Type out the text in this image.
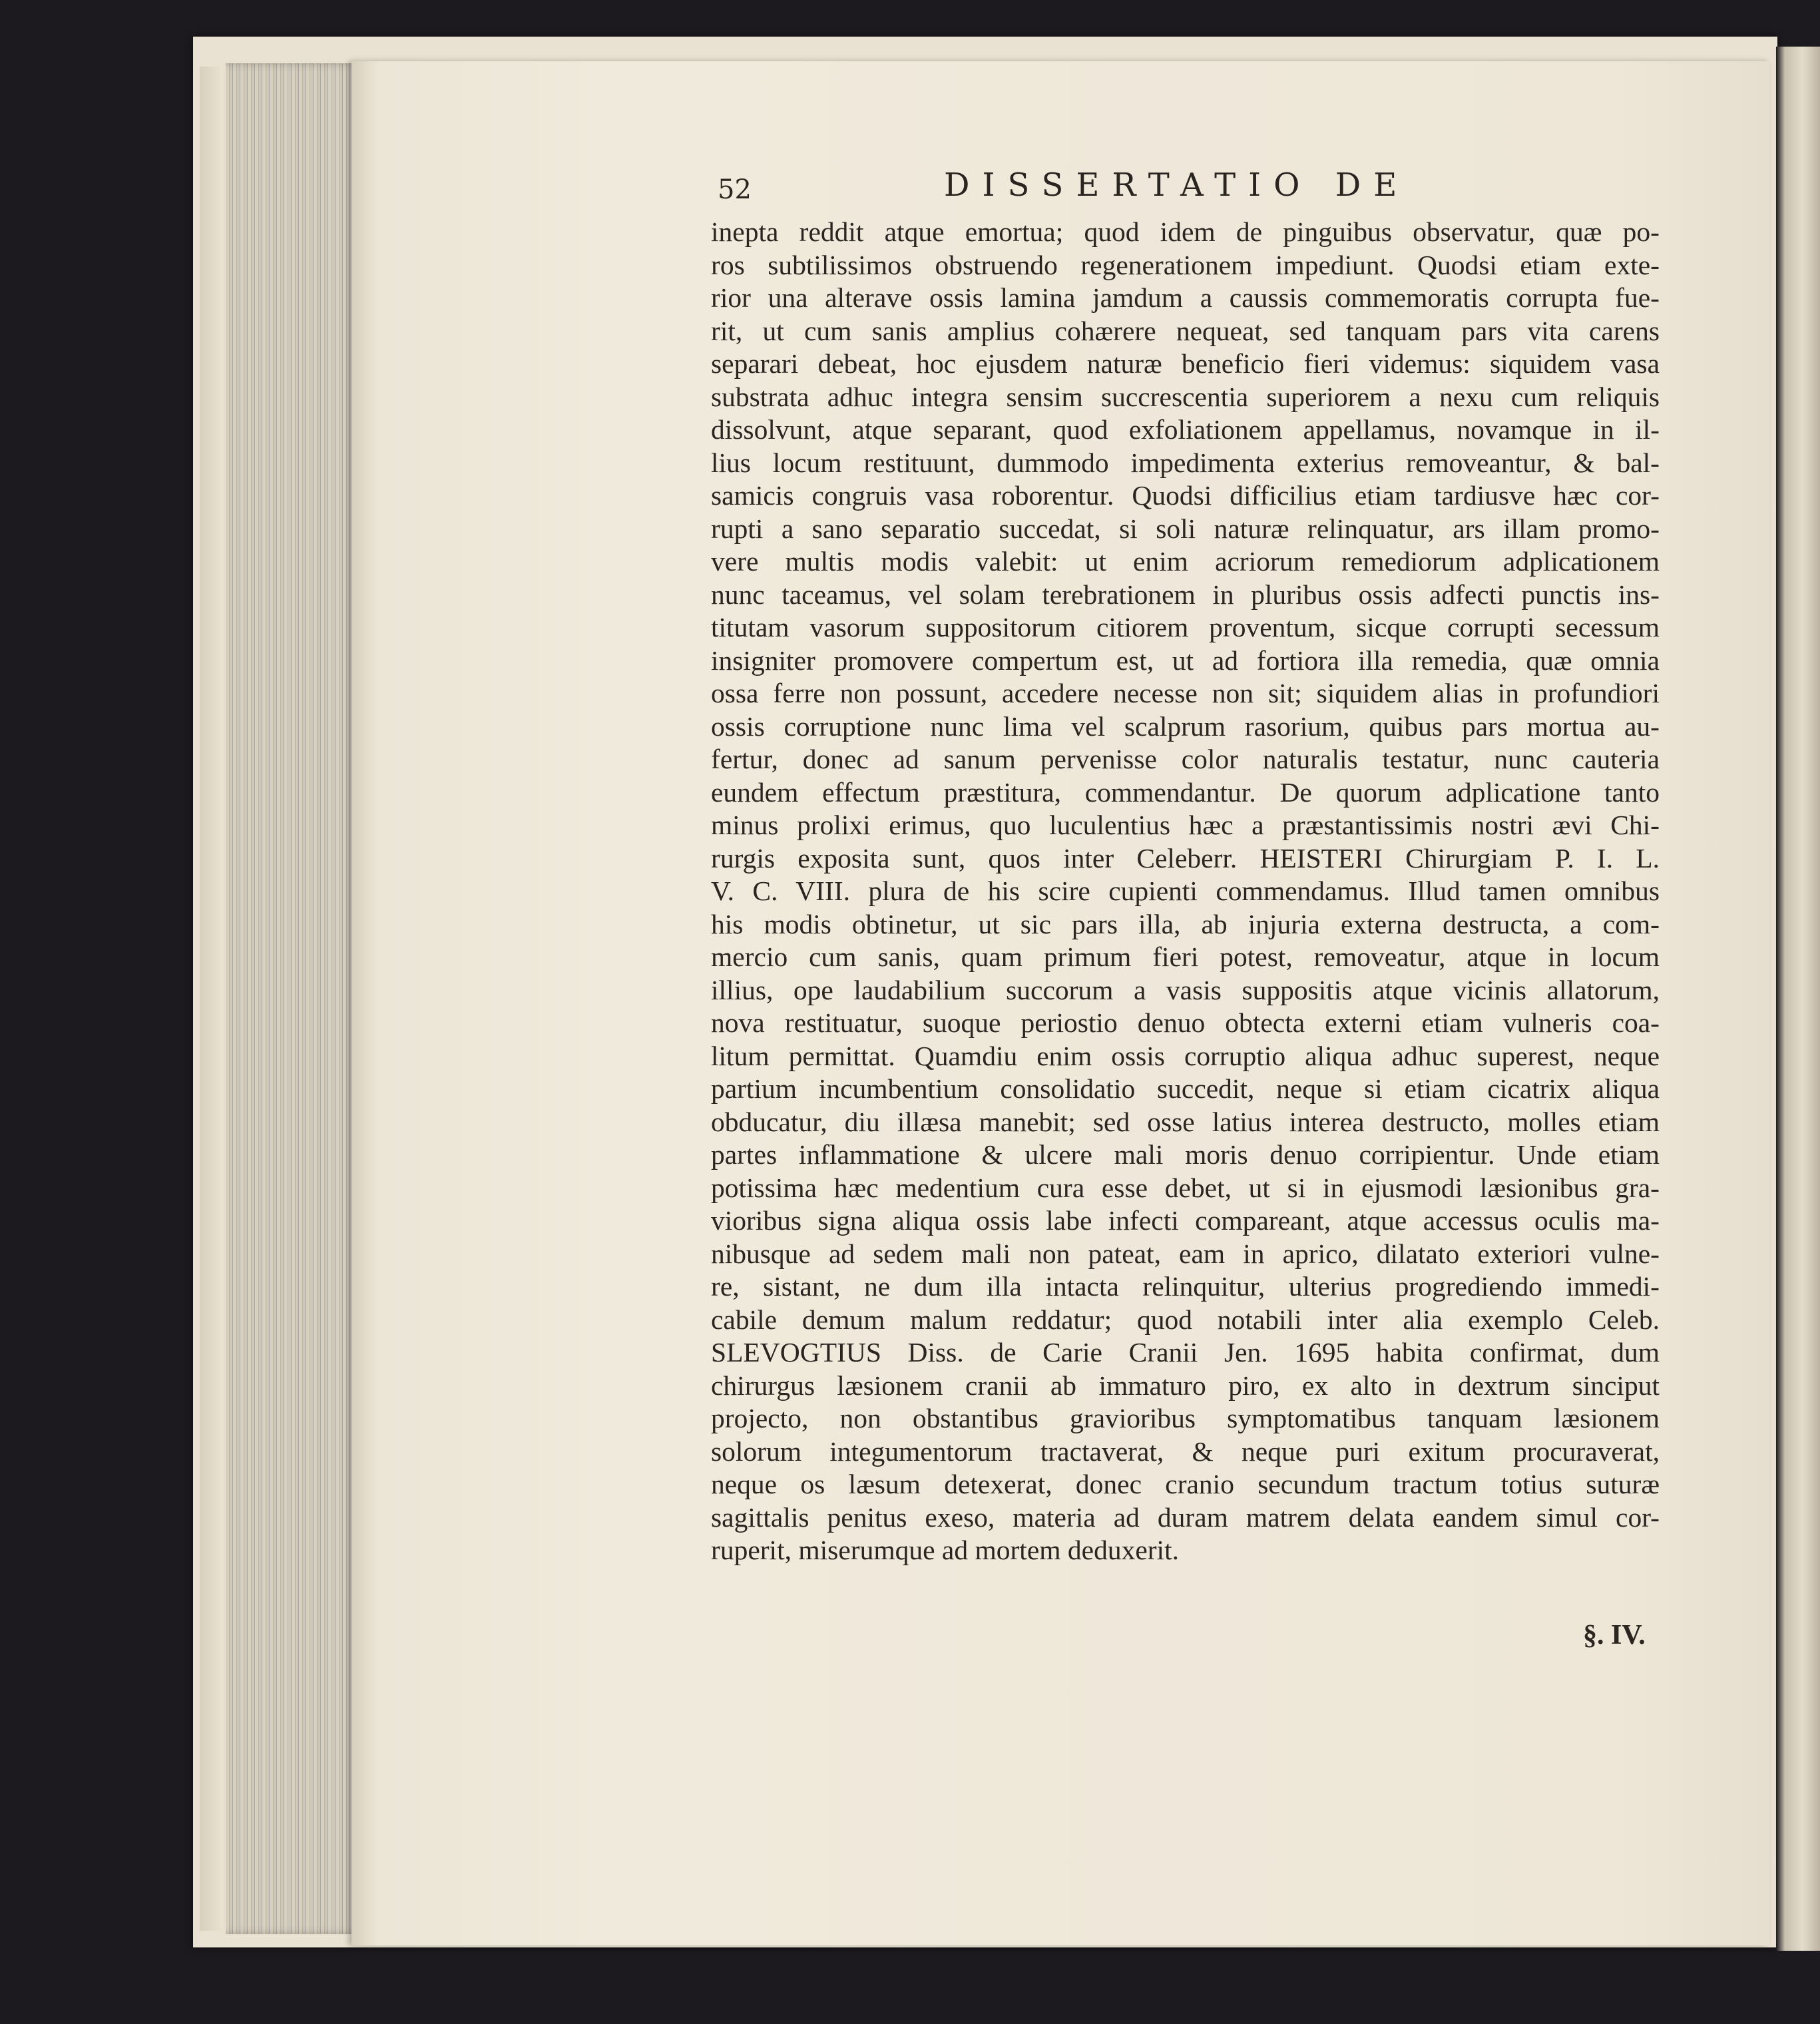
52	DISSERTATIO DE
inepta reddit atque emortua; quod idem de pinguibus observatur, quæ po-
ros subtilissimos obstruendo regenerationem impediunt. Quodsi etiam exte-
rior una alterave ossis lamina jamdum a caussis commemoratis corrupta fue-
rit, ut cum sanis amplius cohærere nequeat, sed tanquam pars vita carens
separari debeat, hoc ejusdem naturæ beneficio fieri videmus: siquidem vasa
substrata adhuc integra sensim succrescentia superiorem a nexu cum reliquis
dissolvunt, atque separant, quod exfoliationem appellamus, novamque in il-
lius locum restituunt, dummodo impedimenta exterius removeantur, & bal-
samicis congruis vasa roborentur. Quodsi difficilius etiam tardiusve hæc cor-
rupti a sano separatio succedat, si soli naturæ relinquatur, ars illam promo-
vere multis modis valebit: ut enim acriorum remediorum adplicationem
nunc taceamus, vel solam terebrationem in pluribus ossis adfecti punctis ins-
titutam vasorum suppositorum citiorem proventum, sicque corrupti secessum
insigniter promovere compertum est, ut ad fortiora illa remedia, quæ omnia
ossa ferre non possunt, accedere necesse non sit; siquidem alias in profundiori
ossis corruptione nunc lima vel scalprum rasorium, quibus pars mortua au-
fertur, donec ad sanum pervenisse color naturalis testatur, nunc cauteria
eundem effectum præstitura, commendantur. De quorum adplicatione tanto
minus prolixi erimus, quo luculentius hæc a præstantissimis nostri ævi Chi-
rurgis exposita sunt, quos inter Celeberr. HEISTERI Chirurgiam P. I. L.
V. C. VIII. plura de his scire cupienti commendamus. Illud tamen omnibus
his modis obtinetur, ut sic pars illa, ab injuria externa destructa, a com-
mercio cum sanis, quam primum fieri potest, removeatur, atque in locum
illius, ope laudabilium succorum a vasis suppositis atque vicinis allatorum,
nova restituatur, suoque periostio denuo obtecta externi etiam vulneris coa-
litum permittat. Quamdiu enim ossis corruptio aliqua adhuc superest, neque
partium incumbentium consolidatio succedit, neque si etiam cicatrix aliqua
obducatur, diu illæsa manebit; sed osse latius interea destructo, molles etiam
partes inflammatione & ulcere mali moris denuo corripientur. Unde etiam
potissima hæc medentium cura esse debet, ut si in ejusmodi læsionibus gra-
vioribus signa aliqua ossis labe infecti compareant, atque accessus oculis ma-
nibusque ad sedem mali non pateat, eam in aprico, dilatato exteriori vulne-
re, sistant, ne dum illa intacta relinquitur, ulterius progrediendo immedi-
cabile demum malum reddatur; quod notabili inter alia exemplo Celeb.
SLEVOGTIUS Diss. de Carie Cranii Jen. 1695 habita confirmat, dum
chirurgus læsionem cranii ab immaturo piro, ex alto in dextrum sinciput
projecto, non obstantibus gravioribus symptomatibus tanquam læsionem
solorum integumentorum tractaverat, & neque puri exitum procuraverat,
neque os læsum detexerat, donec cranio secundum tractum totius suturæ
sagittalis penitus exeso, materia ad duram matrem delata eandem simul cor-
ruperit, miserumque ad mortem deduxerit.
§. IV.
